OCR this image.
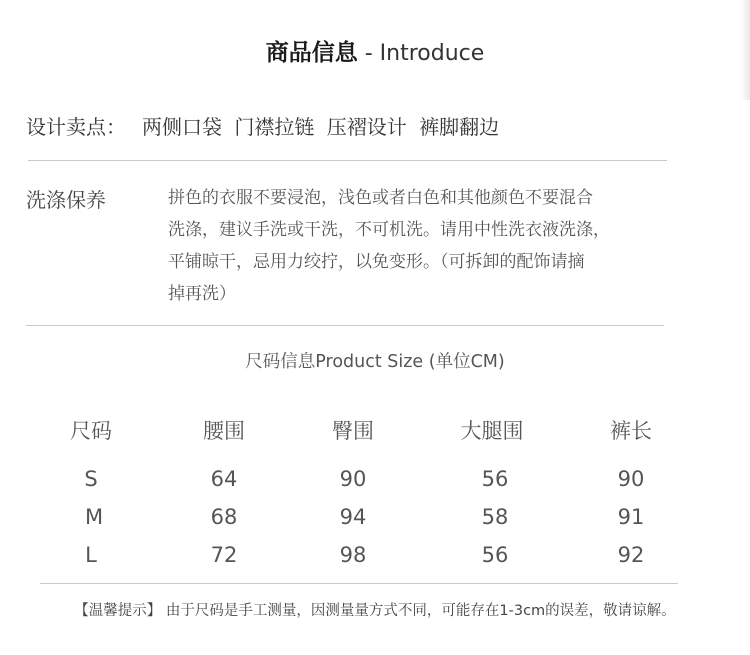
商品信息 - Introduce
设计卖点： 两侧口袋 门襟拉链 压褶设计 裤脚翻边
洗涤保养	拼色的衣服不要浸泡，浅色或者白色和其他颜色不要混合
洗涤，建议手洗或干洗，不可机洗。请用中性洗衣液洗涤，
平铺晾干，忌用力绞拧，以免变形。（可拆卸的配饰请摘
掉再洗）
尺码信息Product Size (单位CM)
尺码	腰围	臀围	大腿围	裤长
S	64	90	56	90
M	68	94	58	91
L	72	98	56	92
【温馨提示】 由于尺码是手工测量，因测量量方式不同，可能存在1-3cm的误差，敬请谅解。
